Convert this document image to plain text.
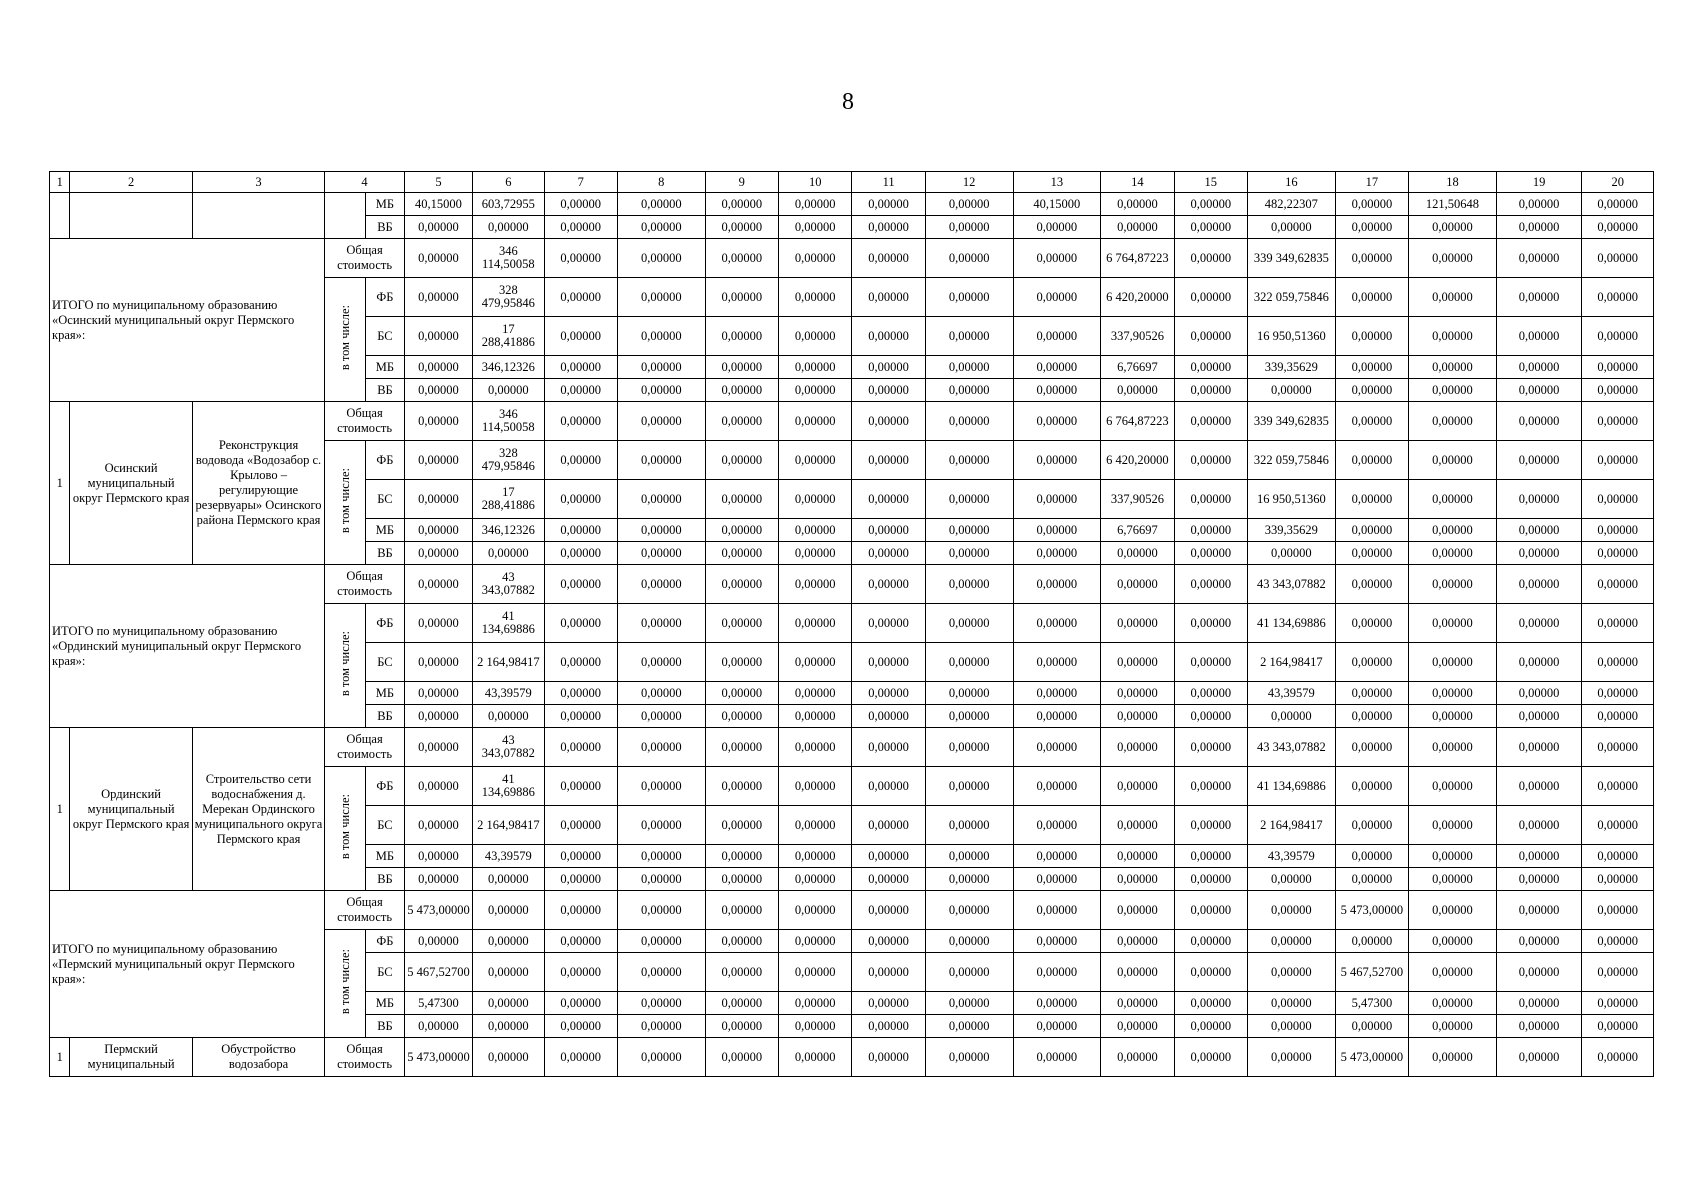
8
1	2	3	4		5	6	7	8	9	10	11	12	13	14	15	16	17	18	19	20
				МБ	40,15000	603,72955	0,00000	0,00000	0,00000	0,00000	0,00000	0,00000	40,15000	0,00000	0,00000	482,22307	0,00000	121,50648	0,00000	0,00000
				ВБ	0,00000	0,00000	0,00000	0,00000	0,00000	0,00000	0,00000	0,00000	0,00000	0,00000	0,00000	0,00000	0,00000	0,00000	0,00000	0,00000
ИТОГО по муниципальному образованию «Осинский муниципальный округ Пермского края»:			Общая стоимость		0,00000	346 114,50058	0,00000	0,00000	0,00000	0,00000	0,00000	0,00000	0,00000	6 764,87223	0,00000	339 349,62835	0,00000	0,00000	0,00000	0,00000
			в том числе:	ФБ	0,00000	328 479,95846	0,00000	0,00000	0,00000	0,00000	0,00000	0,00000	0,00000	6 420,20000	0,00000	322 059,75846	0,00000	0,00000	0,00000	0,00000
				БС	0,00000	17 288,41886	0,00000	0,00000	0,00000	0,00000	0,00000	0,00000	0,00000	337,90526	0,00000	16 950,51360	0,00000	0,00000	0,00000	0,00000
				МБ	0,00000	346,12326	0,00000	0,00000	0,00000	0,00000	0,00000	0,00000	0,00000	6,76697	0,00000	339,35629	0,00000	0,00000	0,00000	0,00000
				ВБ	0,00000	0,00000	0,00000	0,00000	0,00000	0,00000	0,00000	0,00000	0,00000	0,00000	0,00000	0,00000	0,00000	0,00000	0,00000	0,00000
1	Осинский муниципальный округ Пермского края	Реконструкция водовода «Водозабор с. Крылово – регулирующие резервуары» Осинского района Пермского края	Общая стоимость		0,00000	346 114,50058	0,00000	0,00000	0,00000	0,00000	0,00000	0,00000	0,00000	6 764,87223	0,00000	339 349,62835	0,00000	0,00000	0,00000	0,00000
			в том числе:	ФБ	0,00000	328 479,95846	0,00000	0,00000	0,00000	0,00000	0,00000	0,00000	0,00000	6 420,20000	0,00000	322 059,75846	0,00000	0,00000	0,00000	0,00000
				БС	0,00000	17 288,41886	0,00000	0,00000	0,00000	0,00000	0,00000	0,00000	0,00000	337,90526	0,00000	16 950,51360	0,00000	0,00000	0,00000	0,00000
				МБ	0,00000	346,12326	0,00000	0,00000	0,00000	0,00000	0,00000	0,00000	0,00000	6,76697	0,00000	339,35629	0,00000	0,00000	0,00000	0,00000
				ВБ	0,00000	0,00000	0,00000	0,00000	0,00000	0,00000	0,00000	0,00000	0,00000	0,00000	0,00000	0,00000	0,00000	0,00000	0,00000	0,00000
ИТОГО по муниципальному образованию «Ординский муниципальный округ Пермского края»:			Общая стоимость		0,00000	43 343,07882	0,00000	0,00000	0,00000	0,00000	0,00000	0,00000	0,00000	0,00000	0,00000	43 343,07882	0,00000	0,00000	0,00000	0,00000
			в том числе:	ФБ	0,00000	41 134,69886	0,00000	0,00000	0,00000	0,00000	0,00000	0,00000	0,00000	0,00000	0,00000	41 134,69886	0,00000	0,00000	0,00000	0,00000
				БС	0,00000	2 164,98417	0,00000	0,00000	0,00000	0,00000	0,00000	0,00000	0,00000	0,00000	0,00000	2 164,98417	0,00000	0,00000	0,00000	0,00000
				МБ	0,00000	43,39579	0,00000	0,00000	0,00000	0,00000	0,00000	0,00000	0,00000	0,00000	0,00000	43,39579	0,00000	0,00000	0,00000	0,00000
				ВБ	0,00000	0,00000	0,00000	0,00000	0,00000	0,00000	0,00000	0,00000	0,00000	0,00000	0,00000	0,00000	0,00000	0,00000	0,00000	0,00000
1	Ординский муниципальный округ Пермского края	Строительство сети водоснабжения д. Мерекан Ординского муниципального округа Пермского края	Общая стоимость		0,00000	43 343,07882	0,00000	0,00000	0,00000	0,00000	0,00000	0,00000	0,00000	0,00000	0,00000	43 343,07882	0,00000	0,00000	0,00000	0,00000
			в том числе:	ФБ	0,00000	41 134,69886	0,00000	0,00000	0,00000	0,00000	0,00000	0,00000	0,00000	0,00000	0,00000	41 134,69886	0,00000	0,00000	0,00000	0,00000
				БС	0,00000	2 164,98417	0,00000	0,00000	0,00000	0,00000	0,00000	0,00000	0,00000	0,00000	0,00000	2 164,98417	0,00000	0,00000	0,00000	0,00000
				МБ	0,00000	43,39579	0,00000	0,00000	0,00000	0,00000	0,00000	0,00000	0,00000	0,00000	0,00000	43,39579	0,00000	0,00000	0,00000	0,00000
				ВБ	0,00000	0,00000	0,00000	0,00000	0,00000	0,00000	0,00000	0,00000	0,00000	0,00000	0,00000	0,00000	0,00000	0,00000	0,00000	0,00000
ИТОГО по муниципальному образованию «Пермский муниципальный округ Пермского края»:			Общая стоимость		5 473,00000	0,00000	0,00000	0,00000	0,00000	0,00000	0,00000	0,00000	0,00000	0,00000	0,00000	0,00000	5 473,00000	0,00000	0,00000	0,00000
			в том числе:	ФБ	0,00000	0,00000	0,00000	0,00000	0,00000	0,00000	0,00000	0,00000	0,00000	0,00000	0,00000	0,00000	0,00000	0,00000	0,00000	0,00000
				БС	5 467,52700	0,00000	0,00000	0,00000	0,00000	0,00000	0,00000	0,00000	0,00000	0,00000	0,00000	0,00000	5 467,52700	0,00000	0,00000	0,00000
				МБ	5,47300	0,00000	0,00000	0,00000	0,00000	0,00000	0,00000	0,00000	0,00000	0,00000	0,00000	0,00000	5,47300	0,00000	0,00000	0,00000
				ВБ	0,00000	0,00000	0,00000	0,00000	0,00000	0,00000	0,00000	0,00000	0,00000	0,00000	0,00000	0,00000	0,00000	0,00000	0,00000	0,00000
1	Пермский муниципальный	Обустройство водозабора	Общая стоимость		5 473,00000	0,00000	0,00000	0,00000	0,00000	0,00000	0,00000	0,00000	0,00000	0,00000	0,00000	0,00000	5 473,00000	0,00000	0,00000	0,00000
